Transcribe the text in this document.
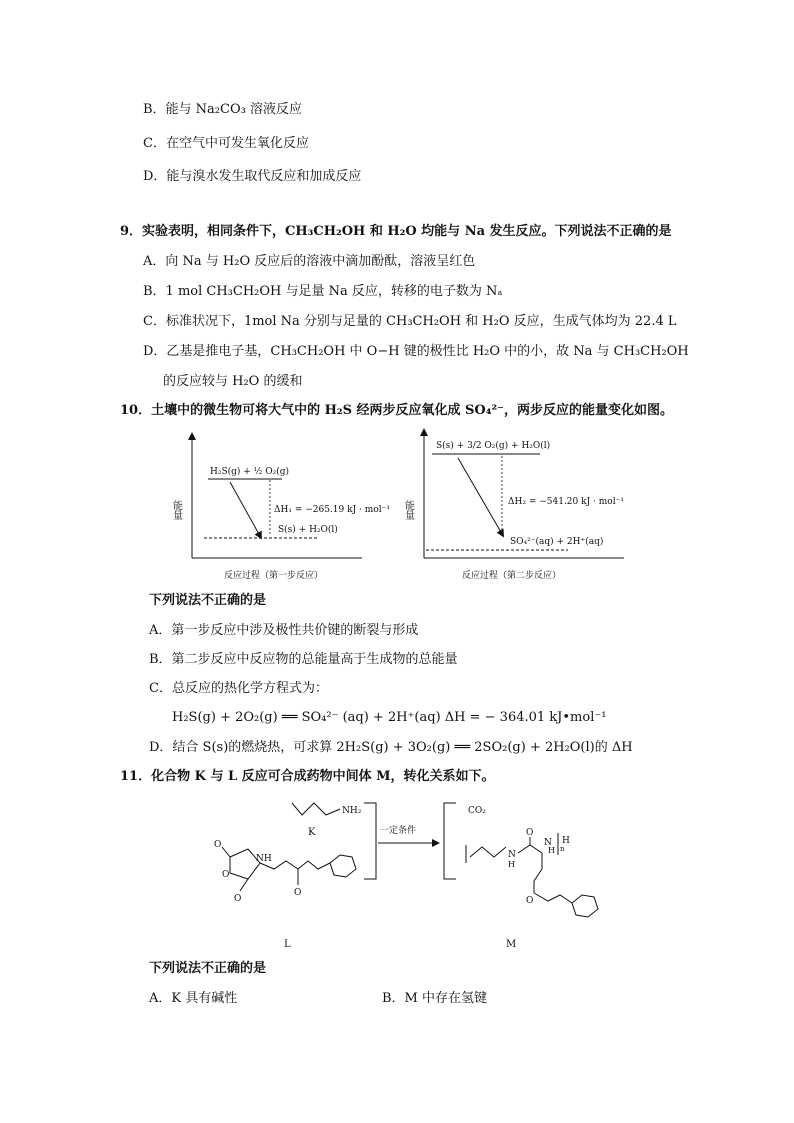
B．能与 Na₂CO₃ 溶液反应
C．在空气中可发生氧化反应
D．能与溴水发生取代反应和加成反应
9．实验表明，相同条件下，CH₃CH₂OH 和 H₂O 均能与 Na 发生反应。下列说法不正确的是
A．向 Na 与 H₂O 反应后的溶液中滴加酚酞，溶液呈红色
B．1 mol CH₃CH₂OH 与足量 Na 反应，转移的电子数为 Nₐ
C．标准状况下，1mol Na 分别与足量的 CH₃CH₂OH 和 H₂O 反应，生成气体均为 22.4 L
D．乙基是推电子基，CH₃CH₂OH 中 O−H 键的极性比 H₂O 中的小，故 Na 与 CH₃CH₂OH
的反应较与 H₂O 的缓和
10．土壤中的微生物可将大气中的 H₂S 经两步反应氧化成 SO₄²⁻，两步反应的能量变化如图。
能量
H₂S(g) + ½ O₂(g)
ΔH₁ = −265.19 kJ · mol⁻¹
S(s) + H₂O(l)
反应过程（第一步反应）
能量
S(s) + 3/2 O₂(g) + H₂O(l)
ΔH₂ = −541.20 kJ · mol⁻¹
SO₄²⁻(aq) + 2H⁺(aq)
反应过程（第二步反应）
下列说法不正确的是
A．第一步反应中涉及极性共价键的断裂与形成
B．第二步反应中反应物的总能量高于生成物的总能量
C．总反应的热化学方程式为：
H₂S(g) + 2O₂(g) ══ SO₄²⁻ (aq) + 2H⁺(aq) ΔH = − 364.01 kJ•mol⁻¹
D．结合 S(s)的燃烧热，可求算 2H₂S(g) + 3O₂(g) ══ 2SO₂(g) + 2H₂O(l)的 ΔH
11．化合物 K 与 L 反应可合成药物中间体 M，转化关系如下。
NH₂
K
O
NH
O
O
O
L
一定条件
CO₂
N
H
O
N
H n
H
O
M
下列说法不正确的是
A．K 具有碱性	B．M 中存在氢键
